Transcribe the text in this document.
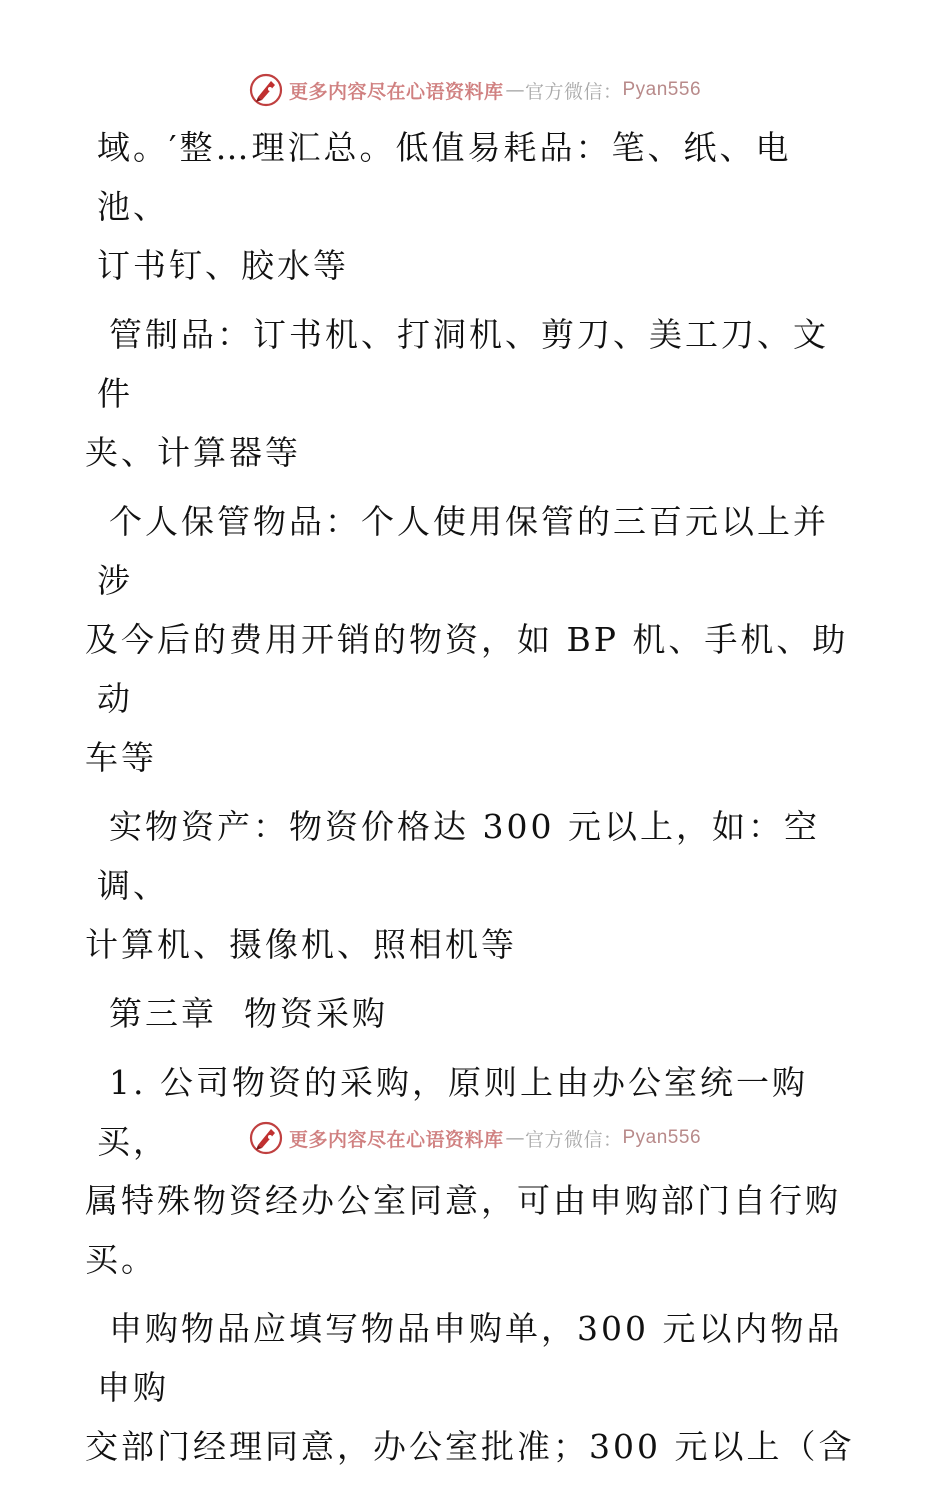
更多内容尽在心语资料库 — 官方微信： Pyan556

域。′整…理汇总。低值易耗品：笔、纸、电池、
订书钉、胶水等

管制品：订书机、打洞机、剪刀、美工刀、文件
夹、计算器等

个人保管物品：个人使用保管的三百元以上并涉
及今后的费用开销的物资，如 BP 机、手机、助动
车等

实物资产：物资价格达 300 元以上，如：空调、
计算机、摄像机、照相机等

第三章  物资采购

1. 公司物资的采购，原则上由办公室统一购买，
属特殊物资经办公室同意，可由申购部门自行购
买。

申购物品应填写物品申购单，300 元以内物品申购
交部门经理同意，办公室批准；300 元以上（含

更多内容尽在心语资料库 — 官方微信： Pyan556
